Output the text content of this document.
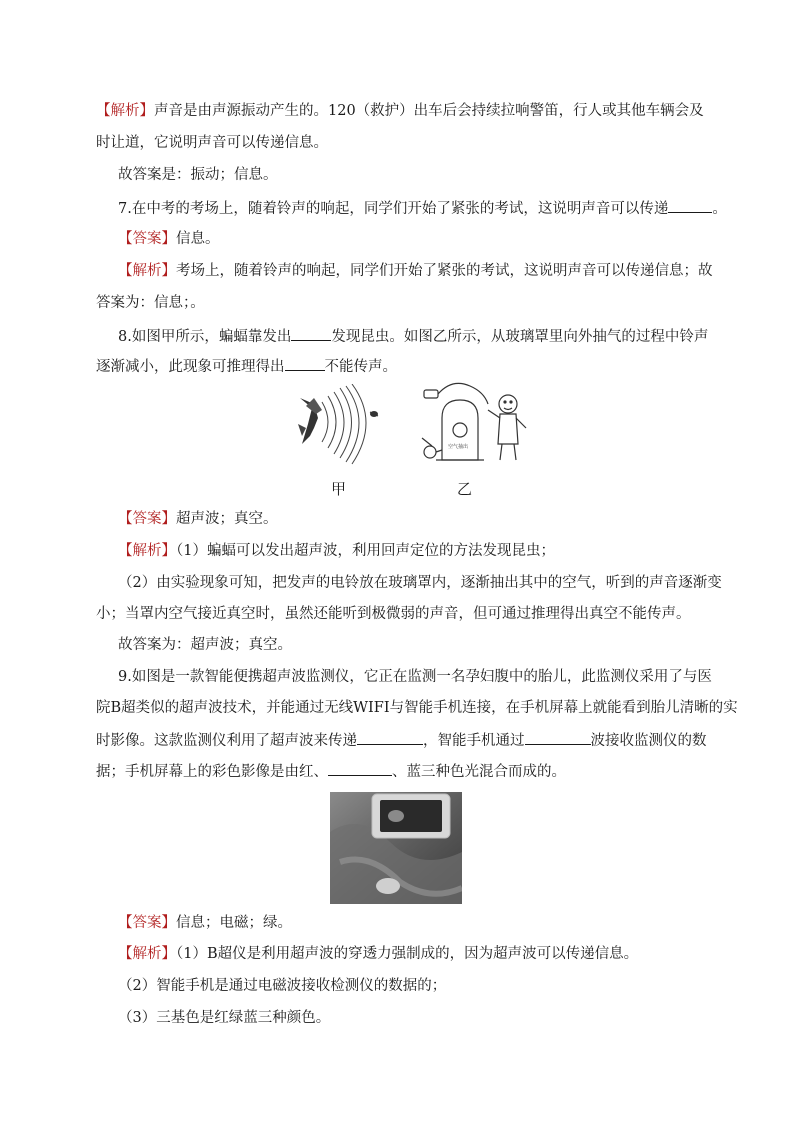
【解析】声音是由声源振动产生的。120（救护）出车后会持续拉响警笛，行人或其他车辆会及
时让道，它说明声音可以传递信息。
故答案是：振动；信息。
7.在中考的考场上，随着铃声的响起，同学们开始了紧张的考试，这说明声音可以传递	。
【答案】信息。
【解析】考场上，随着铃声的响起，同学们开始了紧张的考试，这说明声音可以传递信息；故
答案为：信息；。
8.如图甲所示，蝙蝠靠发出	发现昆虫。如图乙所示，从玻璃罩里向外抽气的过程中铃声
逐渐减小，此现象可推理得出	不能传声。
空气抽出
甲	乙
【答案】超声波；真空。
【解析】（1）蝙蝠可以发出超声波，利用回声定位的方法发现昆虫；
（2）由实验现象可知，把发声的电铃放在玻璃罩内，逐渐抽出其中的空气，听到的声音逐渐变
小；当罩内空气接近真空时，虽然还能听到极微弱的声音，但可通过推理得出真空不能传声。
故答案为：超声波；真空。
9.如图是一款智能便携超声波监测仪，它正在监测一名孕妇腹中的胎儿，此监测仪采用了与医
院B超类似的超声波技术，并能通过无线WIFI与智能手机连接，在手机屏幕上就能看到胎儿清晰的实
时影像。这款监测仪利用了超声波来传递	，智能手机通过	波接收监测仪的数
据；手机屏幕上的彩色影像是由红、	、蓝三种色光混合而成的。
【答案】信息；电磁；绿。
【解析】（1）B超仪是利用超声波的穿透力强制成的，因为超声波可以传递信息。
（2）智能手机是通过电磁波接收检测仪的数据的；
（3）三基色是红绿蓝三种颜色。
